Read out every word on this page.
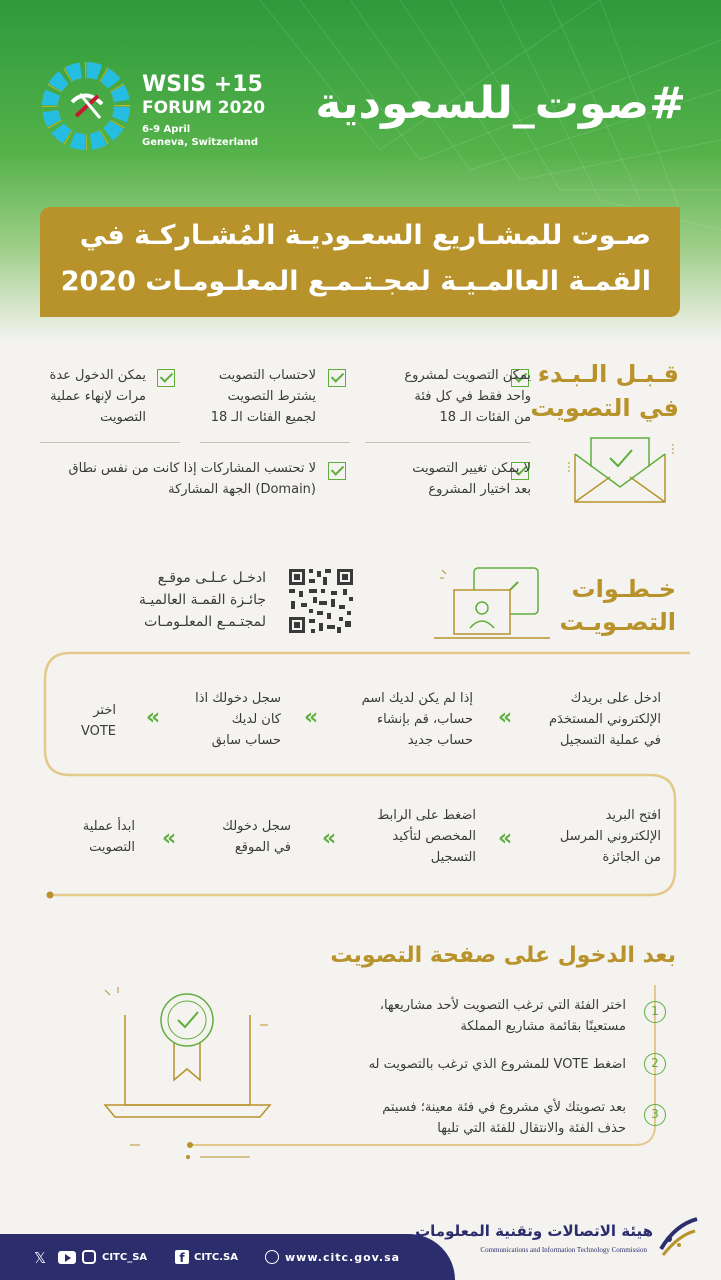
WSIS +15
FORUM 2020
6-9 April
Geneva, Switzerland
#صوت_للسعودية
صـوت للمشـاريع السعـوديـة المُشـاركـة في
القمـة العالمـيـة لمجـتـمـع المعلـومـات 2020
قـبـل الـبـدء
في التصويت
يمكن التصويت لمشروع
واحد فقط في كل فئة
من الفئات الـ 18
لاحتساب التصويت
يشترط التصويت
لجميع الفئات الـ 18
يمكن الدخول عدة
مرات لإنهاء عملية
التصويت
لا يمكن تغيير التصويت
بعد اختيار المشروع
لا تحتسب المشاركات إذا كانت من نفس نطاق
(Domain) الجهة المشاركة
خـطـوات
التصـويـت
ادخـل عـلـى موقـع
جائـزة القمـة العالميـة
لمجتـمـع المعلـومـات
ادخل على بريدك
الإلكتروني المستخدَم
في عملية التسجيل
«
إذا لم يكن لديك اسم
حساب، قم بإنشاء
حساب جديد
«
سجل دخولك اذا
كان لديك
حساب سابق
«
اختر
VOTE
افتح البريد
الإلكتروني المرسل
من الجائزة
«
اضغط على الرابط
المخصص لتأكيد
التسجيل
«
سجل دخولك
في الموقع
«
ابدأ عملية
التصويت
بعد الدخول على صفحة التصويت
1
اختر الفئة التي ترغب التصويت لأحد مشاريعها،
مستعينًا بقائمة مشاريع المملكة
2
اضغط VOTE للمشروع الذي ترغب بالتصويت له
3
بعد تصويتك لأي مشروع في فئة معينة؛ فسيتم
حذف الفئة والانتقال للفئة التي تليها
𝕏	CITC_SA	f CITC.SA	www.citc.gov.sa
هيئة الاتصالات وتقنية المعلومات
Communications and Information Technology Commission
